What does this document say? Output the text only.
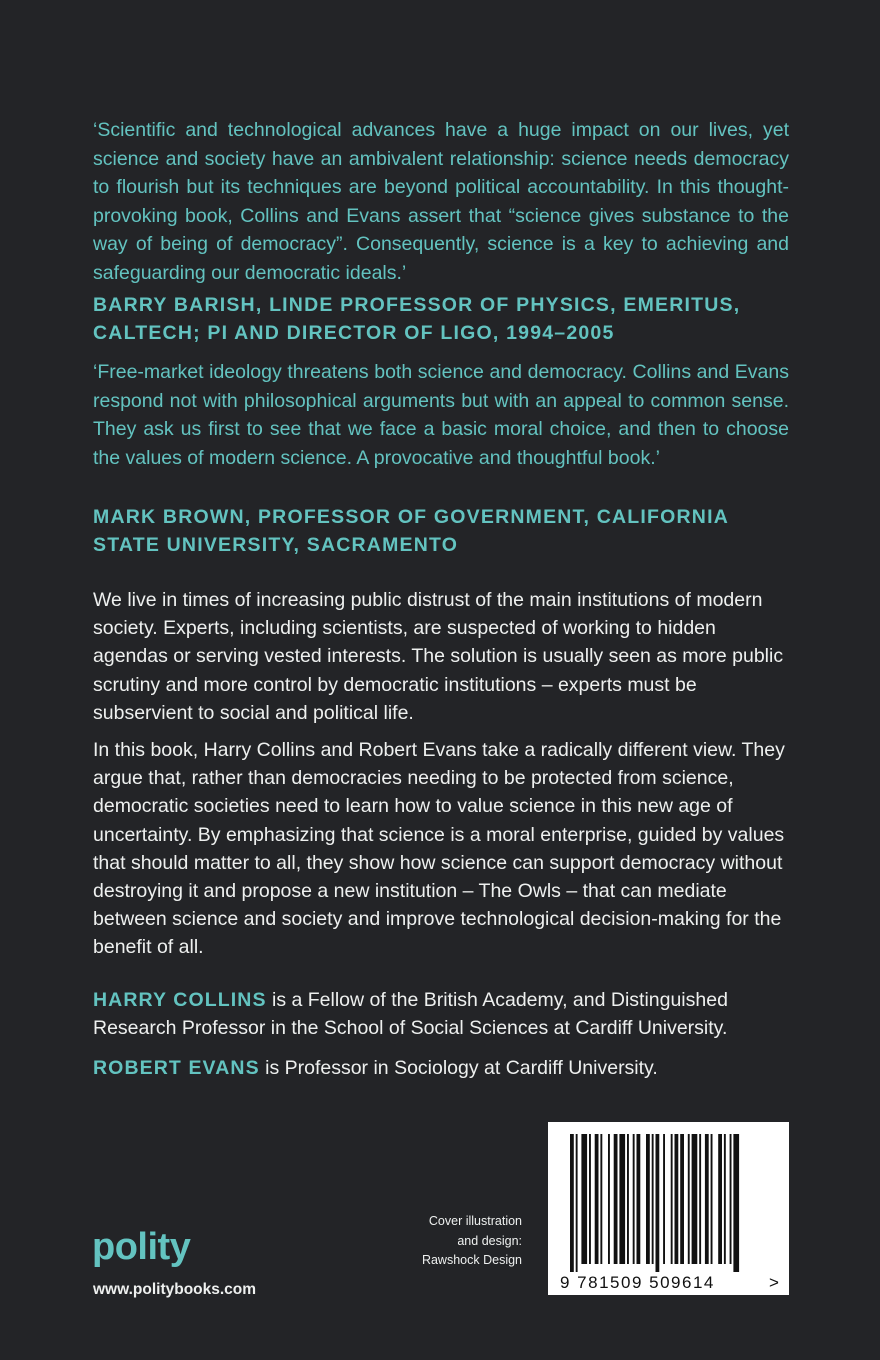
‘Scientific and technological advances have a huge impact on our lives, yet science and society have an ambivalent relationship: science needs democracy to flourish but its techniques are beyond political accountability. In this thought-provoking book, Collins and Evans assert that “science gives substance to the way of being of democracy”. Consequently, science is a key to achieving and safeguarding our democratic ideals.’

BARRY BARISH, LINDE PROFESSOR OF PHYSICS, EMERITUS, CALTECH; PI AND DIRECTOR OF LIGO, 1994–2005

‘Free-market ideology threatens both science and democracy. Collins and Evans respond not with philosophical arguments but with an appeal to common sense. They ask us first to see that we face a basic moral choice, and then to choose the values of modern science. A provocative and thoughtful book.’

MARK BROWN, PROFESSOR OF GOVERNMENT, CALIFORNIA STATE UNIVERSITY, SACRAMENTO

We live in times of increasing public distrust of the main institutions of modern society. Experts, including scientists, are suspected of working to hidden agendas or serving vested interests. The solution is usually seen as more public scrutiny and more control by democratic institutions – experts must be subservient to social and political life.

In this book, Harry Collins and Robert Evans take a radically different view. They argue that, rather than democracies needing to be protected from science, democratic societies need to learn how to value science in this new age of uncertainty. By emphasizing that science is a moral enterprise, guided by values that should matter to all, they show how science can support democracy without destroying it and propose a new institution – The Owls – that can mediate between science and society and improve technological decision-making for the benefit of all.

HARRY COLLINS is a Fellow of the British Academy, and Distinguished Research Professor in the School of Social Sciences at Cardiff University.

ROBERT EVANS is Professor in Sociology at Cardiff University.

Cover illustration
and design:
Rawshock Design
polity
www.politybooks.com	9 781509 509614	>
